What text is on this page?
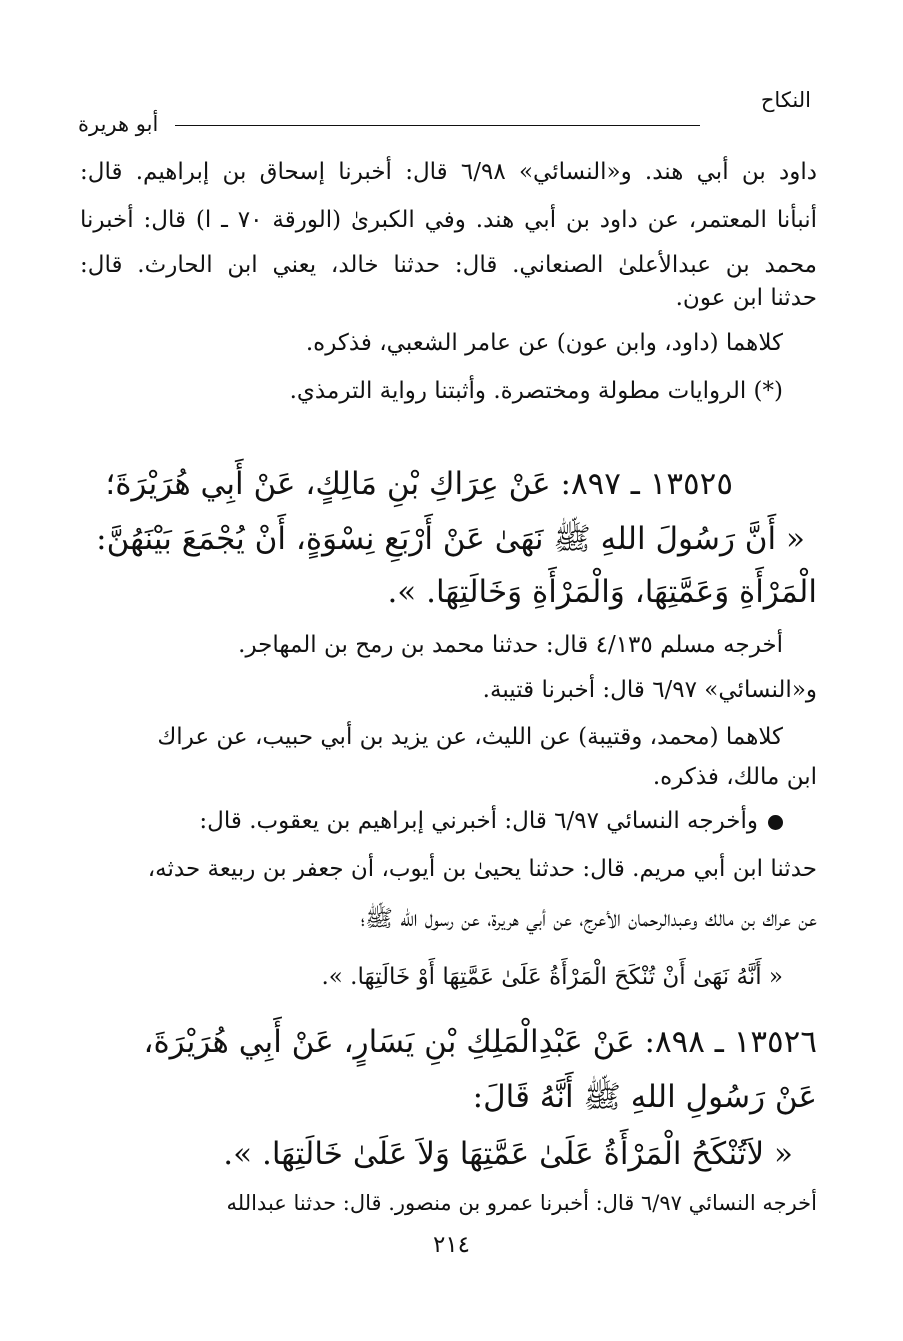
النكاح
أبو هريرة
داود بن أبي هند. و«النسائي» ٦/٩٨ قال: أخبرنا إسحاق بن إبراهيم. قال:
أنبأنا المعتمر، عن داود بن أبي هند. وفي الكبرىٰ (الورقة ٧٠ ـ ا) قال: أخبرنا
محمد بن عبدالأعلىٰ الصنعاني. قال: حدثنا خالد، يعني ابن الحارث. قال:
حدثنا ابن عون.
كلاهما (داود، وابن عون) عن عامر الشعبي، فذكره.
(*) الروايات مطولة ومختصرة. وأثبتنا رواية الترمذي.
١٣٥٢٥ ـ ٨٩٧: عَنْ عِرَاكِ بْنِ مَالِكٍ، عَنْ أَبِي هُرَيْرَةَ؛
« أَنَّ رَسُولَ اللهِ ﷺ نَهَىٰ عَنْ أَرْبَعِ نِسْوَةٍ، أَنْ يُجْمَعَ بَيْنَهُنَّ:
الْمَرْأَةِ وَعَمَّتِهَا، وَالْمَرْأَةِ وَخَالَتِهَا. ».
أخرجه مسلم ٤/١٣٥ قال: حدثنا محمد بن رمح بن المهاجر.
و«النسائي» ٦/٩٧ قال: أخبرنا قتيبة.
كلاهما (محمد، وقتيبة) عن الليث، عن يزيد بن أبي حبيب، عن عراك
ابن مالك، فذكره.
وأخرجه النسائي ٦/٩٧ قال: أخبرني إبراهيم بن يعقوب. قال:
حدثنا ابن أبي مريم. قال: حدثنا يحيىٰ بن أيوب، أن جعفر بن ربيعة حدثه،
عن عراك بن مالك وعبدالرحمان الأعرج، عن أبي هريرة، عن رسول الله ﷺ؛
« أَنَّهُ نَهَىٰ أَنْ تُنْكَحَ الْمَرْأَةُ عَلَىٰ عَمَّتِهَا أَوْ خَالَتِهَا. ».
١٣٥٢٦ ـ ٨٩٨: عَنْ عَبْدِالْمَلِكِ بْنِ يَسَارٍ، عَنْ أَبِي هُرَيْرَةَ،
عَنْ رَسُولِ اللهِ ﷺ أَنَّهُ قَالَ:
« لاَتُنْكَحُ الْمَرْأَةُ عَلَىٰ عَمَّتِهَا وَلاَ عَلَىٰ خَالَتِهَا. ».
أخرجه النسائي ٦/٩٧ قال: أخبرنا عمرو بن منصور. قال: حدثنا عبدالله
٢١٤
